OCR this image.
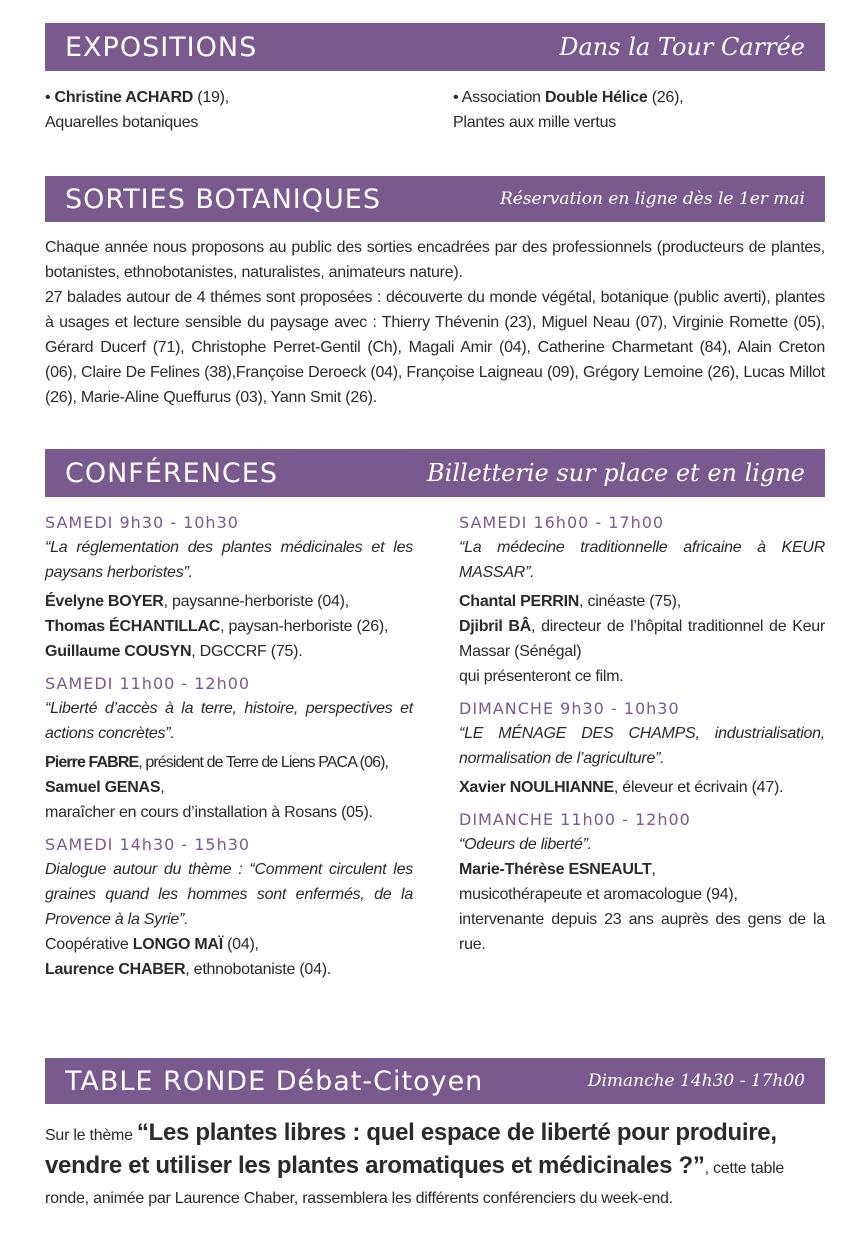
EXPOSITIONS	Dans la Tour Carrée
• Christine ACHARD (19),
Aquarelles botaniques
• Association Double Hélice (26),
Plantes aux mille vertus
SORTIES BOTANIQUES	Réservation en ligne dès le 1er mai
Chaque année nous proposons au public des sorties encadrées par des professionnels (producteurs de plantes, botanistes, ethnobotanistes, naturalistes, animateurs nature).
27 balades autour de 4 thémes sont proposées : découverte du monde végétal, botanique (public averti), plantes à usages et lecture sensible du paysage avec : Thierry Thévenin (23), Miguel Neau (07), Virginie Romette (05), Gérard Ducerf (71), Christophe Perret-Gentil (Ch), Magali Amir (04), Catherine Charmetant (84), Alain Creton (06), Claire De Felines (38),Françoise Deroeck (04), Françoise Laigneau (09), Grégory Lemoine (26), Lucas Millot (26), Marie-Aline Queffurus (03), Yann Smit (26).
CONFÉRENCES	Billetterie sur place et en ligne
SAMEDI 9h30 - 10h30
“La réglementation des plantes médicinales et les paysans herboristes”.
Évelyne BOYER, paysanne-herboriste (04),
Thomas ÉCHANTILLAC, paysan-herboriste (26),
Guillaume COUSYN, DGCCRF (75).
SAMEDI 11h00 - 12h00
“Liberté d’accès à la terre, histoire, perspectives et actions concrètes”.
Pierre FABRE, président de Terre de Liens PACA (06),
Samuel GENAS,
maraîcher en cours d’installation à Rosans (05).
SAMEDI 14h30 - 15h30
Dialogue autour du thème : “Comment circulent les graines quand les hommes sont enfermés, de la Provence à la Syrie”.
Coopérative LONGO MAÏ (04),
Laurence CHABER, ethnobotaniste (04).
SAMEDI 16h00 - 17h00
“La médecine traditionnelle africaine à KEUR MASSAR”.
Chantal PERRIN, cinéaste (75),
Djibril BÂ, directeur de l’hôpital traditionnel de Keur Massar (Sénégal)
qui présenteront ce film.
DIMANCHE 9h30 - 10h30
“LE MÉNAGE DES CHAMPS, industrialisation, normalisation de l’agriculture”.
Xavier NOULHIANNE, éleveur et écrivain (47).
DIMANCHE 11h00 - 12h00
“Odeurs de liberté”.
Marie-Thérèse ESNEAULT,
musicothérapeute et aromacologue (94),
intervenante depuis 23 ans auprès des gens de la rue.
TABLE RONDE Débat-Citoyen	Dimanche 14h30 - 17h00
Sur le thème “Les plantes libres : quel espace de liberté pour produire, vendre et utiliser les plantes aromatiques et médicinales ?”, cette table ronde, animée par Laurence Chaber, rassemblera les différents conférenciers du week-end.
